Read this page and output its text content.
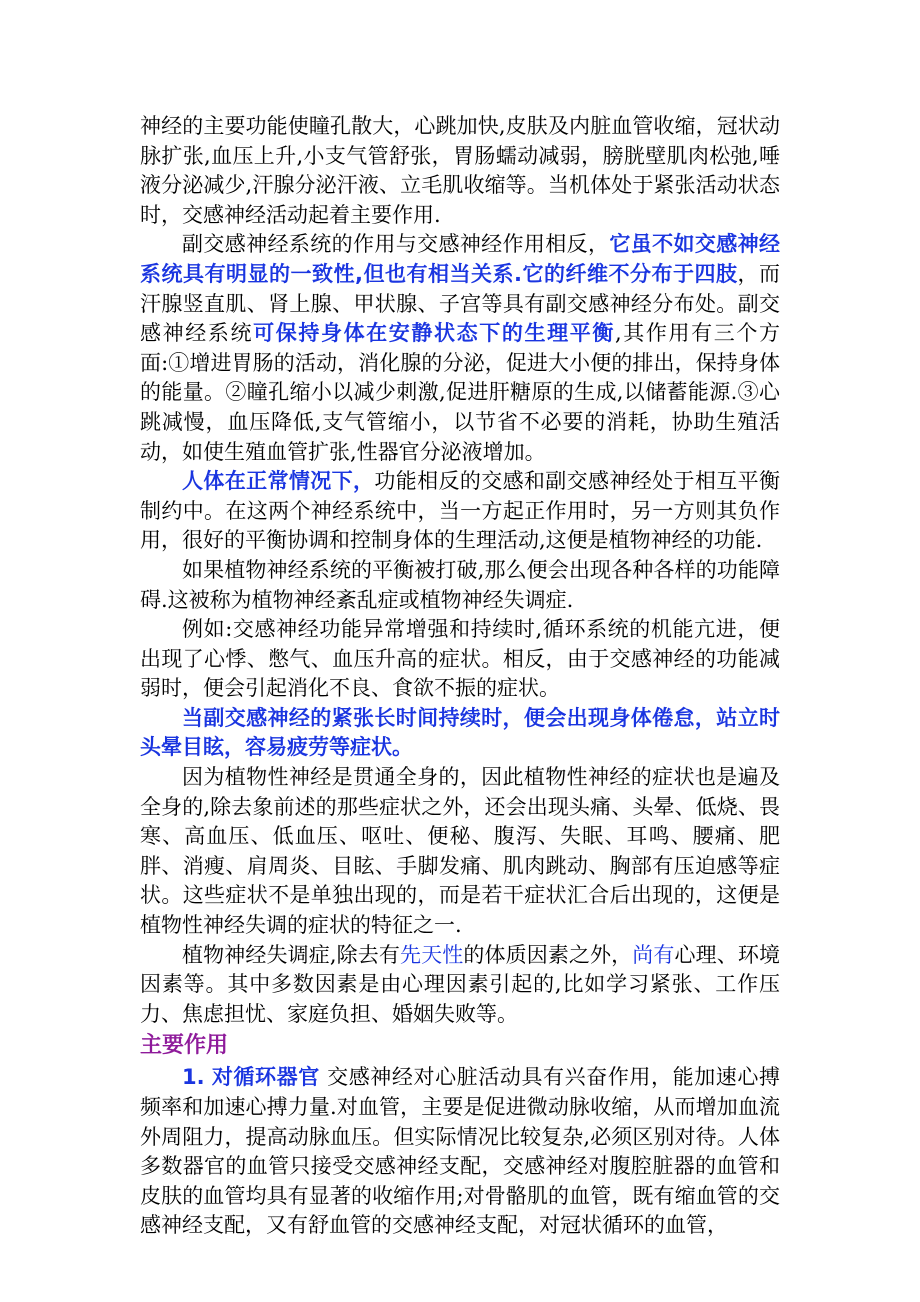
神经的主要功能使瞳孔散大，心跳加快,皮肤及内脏血管收缩，冠状动脉扩张,血压上升,小支气管舒张，胃肠蠕动减弱，膀胱壁肌肉松弛,唾液分泌减少,汗腺分泌汗液、立毛肌收缩等。当机体处于紧张活动状态时，交感神经活动起着主要作用.

副交感神经系统的作用与交感神经作用相反，它虽不如交感神经系统具有明显的一致性,但也有相当关系.它的纤维不分布于四肢，而汗腺竖直肌、肾上腺、甲状腺、子宫等具有副交感神经分布处。副交感神经系统可保持身体在安静状态下的生理平衡,其作用有三个方面:①增进胃肠的活动，消化腺的分泌，促进大小便的排出，保持身体的能量。②瞳孔缩小以减少刺激,促进肝糖原的生成,以储蓄能源.③心跳减慢，血压降低,支气管缩小，以节省不必要的消耗，协助生殖活动，如使生殖血管扩张,性器官分泌液增加。

人体在正常情况下，功能相反的交感和副交感神经处于相互平衡制约中。在这两个神经系统中，当一方起正作用时，另一方则其负作用，很好的平衡协调和控制身体的生理活动,这便是植物神经的功能.

如果植物神经系统的平衡被打破,那么便会出现各种各样的功能障碍.这被称为植物神经紊乱症或植物神经失调症.

例如:交感神经功能异常增强和持续时,循环系统的机能亢进，便出现了心悸、憋气、血压升高的症状。相反，由于交感神经的功能减弱时，便会引起消化不良、食欲不振的症状。

当副交感神经的紧张长时间持续时，便会出现身体倦怠，站立时头晕目眩，容易疲劳等症状。

因为植物性神经是贯通全身的，因此植物性神经的症状也是遍及全身的,除去象前述的那些症状之外，还会出现头痛、头晕、低烧、畏寒、高血压、低血压、呕吐、便秘、腹泻、失眠、耳鸣、腰痛、肥胖、消瘦、肩周炎、目眩、手脚发痛、肌肉跳动、胸部有压迫感等症状。这些症状不是单独出现的，而是若干症状汇合后出现的，这便是植物性神经失调的症状的特征之一.

植物神经失调症,除去有先天性的体质因素之外，尚有心理、环境因素等。其中多数因素是由心理因素引起的,比如学习紧张、工作压力、焦虑担忧、家庭负担、婚姻失败等。

主要作用

1. 对循环器官 交感神经对心脏活动具有兴奋作用，能加速心搏频率和加速心搏力量.对血管，主要是促进微动脉收缩，从而增加血流外周阻力，提高动脉血压。但实际情况比较复杂,必须区别对待。人体多数器官的血管只接受交感神经支配，交感神经对腹腔脏器的血管和皮肤的血管均具有显著的收缩作用;对骨骼肌的血管，既有缩血管的交感神经支配，又有舒血管的交感神经支配，对冠状循环的血管，
